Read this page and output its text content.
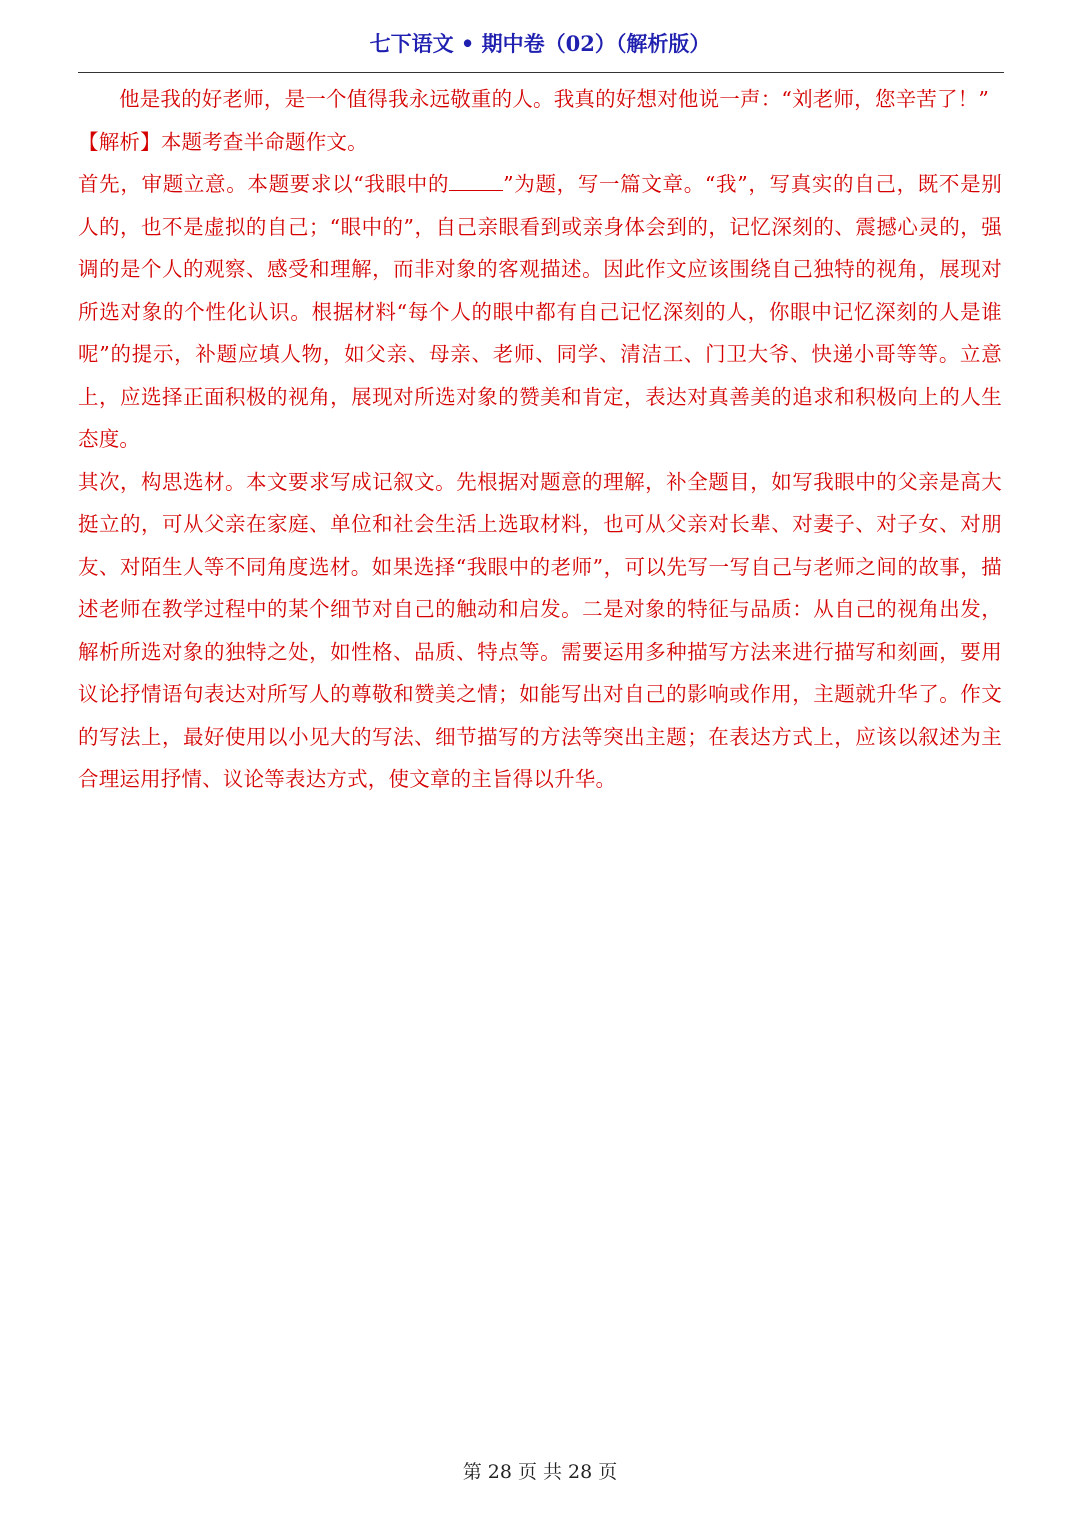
七下语文 • 期中卷（02）（解析版）

他是我的好老师，是一个值得我永远敬重的人。我真的好想对他说一声：“刘老师，您辛苦了！”

【解析】本题考查半命题作文。

首先，审题立意。本题要求以“我眼中的	”为题，写一篇文章。“我”，写真实的自己，既不是别人的，也不是虚拟的自己；“眼中的”，自己亲眼看到或亲身体会到的，记忆深刻的、震撼心灵的，强调的是个人的观察、感受和理解，而非对象的客观描述。因此作文应该围绕自己独特的视角，展现对所选对象的个性化认识。根据材料“每个人的眼中都有自己记忆深刻的人，你眼中记忆深刻的人是谁呢”的提示，补题应填人物，如父亲、母亲、老师、同学、清洁工、门卫大爷、快递小哥等等。立意上，应选择正面积极的视角，展现对所选对象的赞美和肯定，表达对真善美的追求和积极向上的人生态度。

其次，构思选材。本文要求写成记叙文。先根据对题意的理解，补全题目，如写我眼中的父亲是高大挺立的，可从父亲在家庭、单位和社会生活上选取材料，也可从父亲对长辈、对妻子、对子女、对朋友、对陌生人等不同角度选材。如果选择“我眼中的老师”，可以先写一写自己与老师之间的故事，描述老师在教学过程中的某个细节对自己的触动和启发。二是对象的特征与品质：从自己的视角出发，解析所选对象的独特之处，如性格、品质、特点等。需要运用多种描写方法来进行描写和刻画，要用议论抒情语句表达对所写人的尊敬和赞美之情；如能写出对自己的影响或作用，主题就升华了。作文的写法上，最好使用以小见大的写法、细节描写的方法等突出主题；在表达方式上，应该以叙述为主合理运用抒情、议论等表达方式，使文章的主旨得以升华。

第 28 页 共 28 页
